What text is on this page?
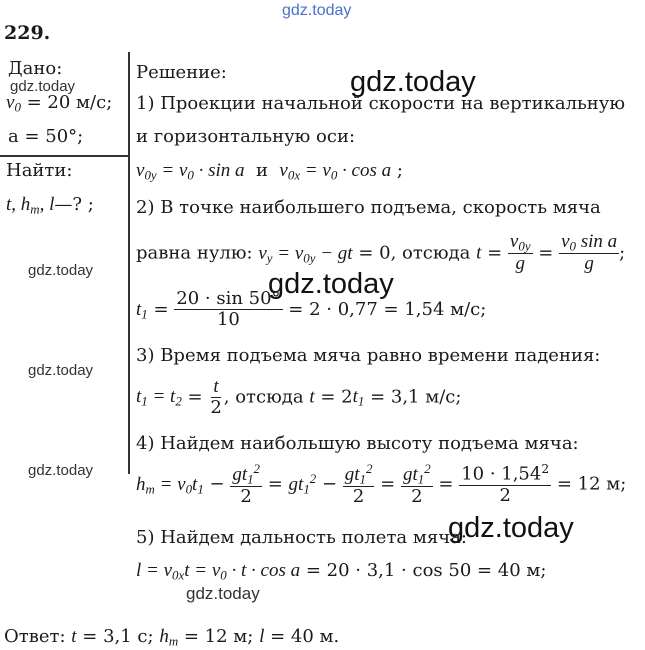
gdz.today
229.
Дано:
gdz.today
$v_0 = 20$ м/с;
a = 50°;
Найти:
t, $h_m$, l—? ;
gdz.today
gdz.today
gdz.today
Решение:	gdz.today
1) Проекции начальной скорости на вертикальную
и горизонтальную оси:
$v_{0y} = v_0 \cdot \sin a$  и  $v_{0x} = v_0 \cdot \cos a$ ;
2) В точке наибольшего подъема, скорость мяча
равна нулю: $v_y = v_{0y}$ − gt = 0, отсюда $t = \frac{v_{0y}}{g} = \frac{v_0 \sin a}{g}$ ;
gdz.today
$t_1 = \frac{20 \cdot \sin 50^\circ}{10} = 2 \cdot 0,77 = 1,54$ м/с;
3) Время подъема мяча равно времени падения:
$t_1 = t_2 = \frac{t}{2}$ , отсюда $t = 2t_1 = 3,1$ м/с;
4) Найдем наибольшую высоту подъема мяча:
$h_m = v_0t_1 - \frac{gt_1^2}{2} = gt_1^2 - \frac{gt_1^2}{2} = \frac{gt_1^2}{2} = \frac{10 \cdot 1,54^2}{2} = 12$ м;
5) Найдем дальность полета мяча:
gdz.today
$l = v_{0x}t = v_0 \cdot t \cdot \cos a = 20 \cdot 3,1 \cdot \cos 50 = 40$ м;
gdz.today
Ответ: t = 3,1 с; $h_m = 12$ м; l = 40 м.
